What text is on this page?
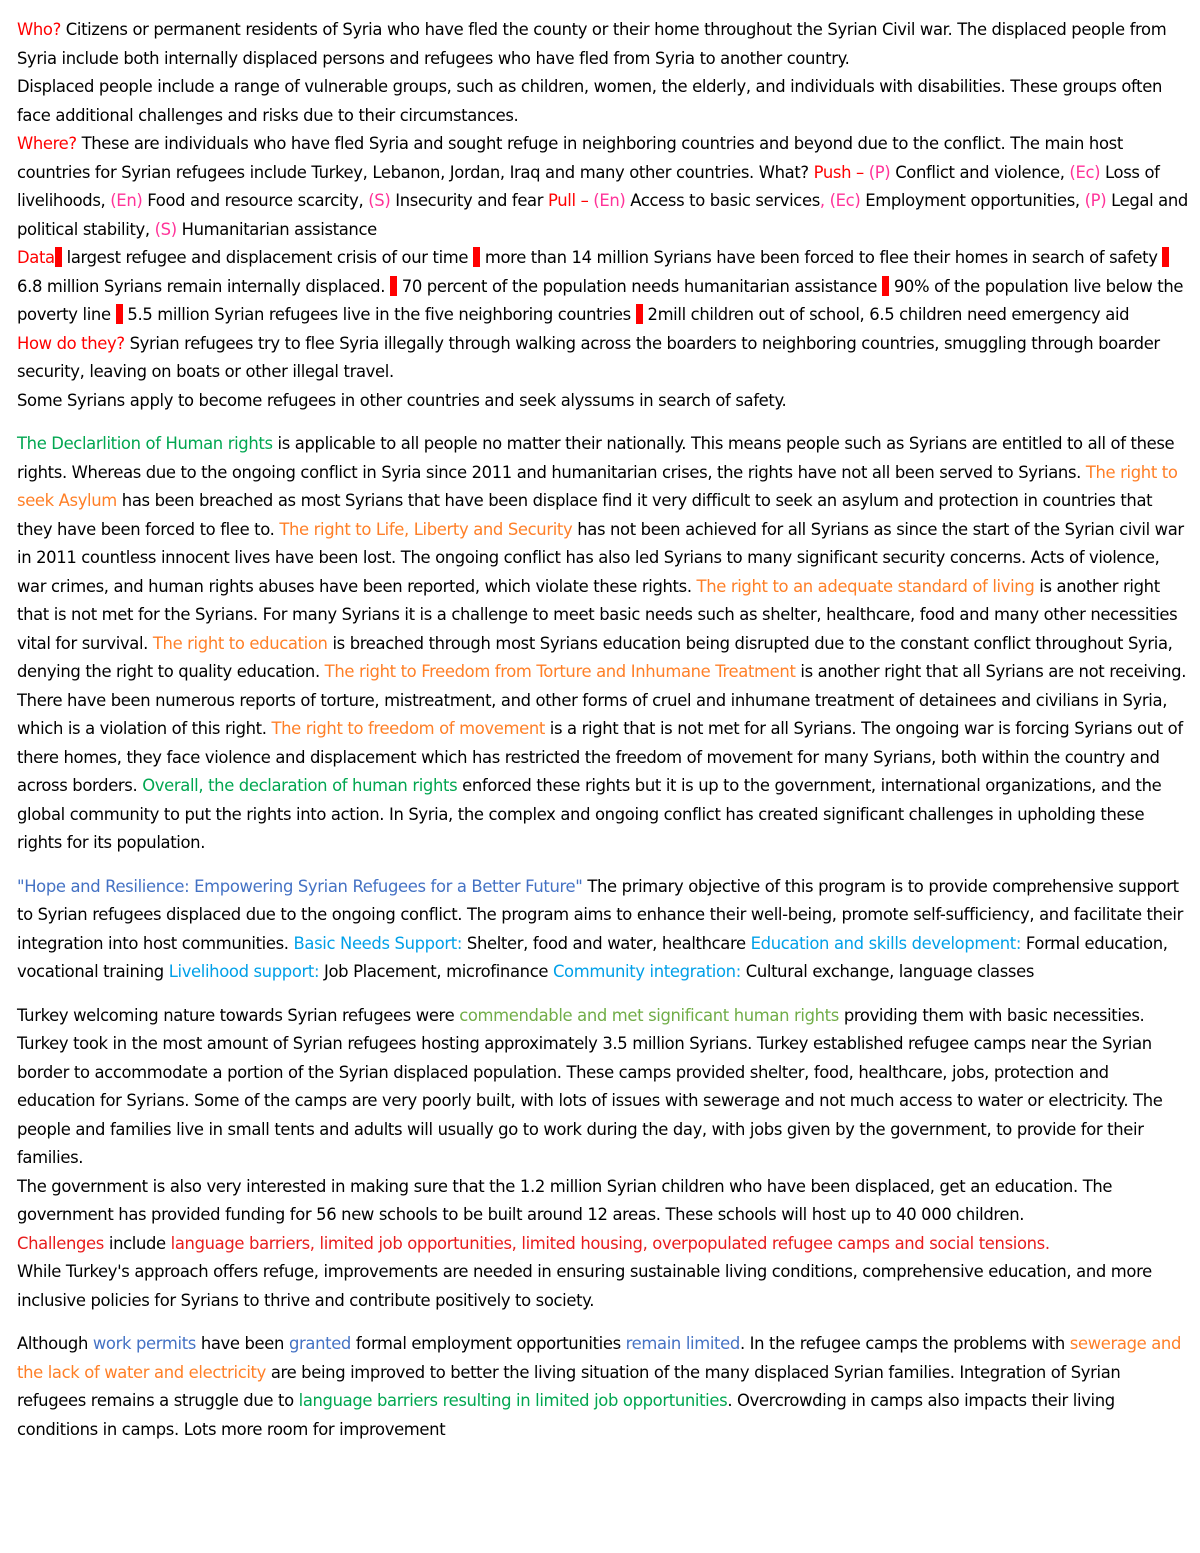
Who? Citizens or permanent residents of Syria who have fled the county or their home throughout the Syrian Civil war. The displaced people from Syria include both internally displaced persons and refugees who have fled from Syria to another country.

Displaced people include a range of vulnerable groups, such as children, women, the elderly, and individuals with disabilities. These groups often face additional challenges and risks due to their circumstances.

Where? These are individuals who have fled Syria and sought refuge in neighboring countries and beyond due to the conflict. The main host countries for Syrian refugees include Turkey, Lebanon, Jordan, Iraq and many other countries. What? Push – (P) Conflict and violence, (Ec) Loss of livelihoods, (En) Food and resource scarcity, (S) Insecurity and fear Pull – (En) Access to basic services, (Ec) Employment opportunities, (P) Legal and political stability, (S) Humanitarian assistance

Data largest refugee and displacement crisis of our time  more than 14 million Syrians have been forced to flee their homes in search of safety  6.8 million Syrians remain internally displaced.  70 percent of the population needs humanitarian assistance  90% of the population live below the poverty line  5.5 million Syrian refugees live in the five neighboring countries  2mill children out of school, 6.5 children need emergency aid

How do they? Syrian refugees try to flee Syria illegally through walking across the boarders to neighboring countries, smuggling through boarder security, leaving on boats or other illegal travel.

Some Syrians apply to become refugees in other countries and seek alyssums in search of safety.

The Declarlition of Human rights is applicable to all people no matter their nationally. This means people such as Syrians are entitled to all of these rights. Whereas due to the ongoing conflict in Syria since 2011 and humanitarian crises, the rights have not all been served to Syrians. The right to seek Asylum has been breached as most Syrians that have been displace find it very difficult to seek an asylum and protection in countries that they have been forced to flee to. The right to Life, Liberty and Security has not been achieved for all Syrians as since the start of the Syrian civil war in 2011 countless innocent lives have been lost. The ongoing conflict has also led Syrians to many significant security concerns. Acts of violence, war crimes, and human rights abuses have been reported, which violate these rights. The right to an adequate standard of living is another right that is not met for the Syrians. For many Syrians it is a challenge to meet basic needs such as shelter, healthcare, food and many other necessities vital for survival. The right to education is breached through most Syrians education being disrupted due to the constant conflict throughout Syria, denying the right to quality education. The right to Freedom from Torture and Inhumane Treatment is another right that all Syrians are not receiving. There have been numerous reports of torture, mistreatment, and other forms of cruel and inhumane treatment of detainees and civilians in Syria, which is a violation of this right. The right to freedom of movement is a right that is not met for all Syrians. The ongoing war is forcing Syrians out of there homes, they face violence and displacement which has restricted the freedom of movement for many Syrians, both within the country and across borders. Overall, the declaration of human rights enforced these rights but it is up to the government, international organizations, and the global community to put the rights into action. In Syria, the complex and ongoing conflict has created significant challenges in upholding these rights for its population.

"Hope and Resilience: Empowering Syrian Refugees for a Better Future" The primary objective of this program is to provide comprehensive support to Syrian refugees displaced due to the ongoing conflict. The program aims to enhance their well-being, promote self-sufficiency, and facilitate their integration into host communities. Basic Needs Support: Shelter, food and water, healthcare Education and skills development: Formal education, vocational training Livelihood support: Job Placement, microfinance Community integration: Cultural exchange, language classes

Turkey welcoming nature towards Syrian refugees were commendable and met significant human rights providing them with basic necessities. Turkey took in the most amount of Syrian refugees hosting approximately 3.5 million Syrians. Turkey established refugee camps near the Syrian border to accommodate a portion of the Syrian displaced population. These camps provided shelter, food, healthcare, jobs, protection and education for Syrians. Some of the camps are very poorly built, with lots of issues with sewerage and not much access to water or electricity. The people and families live in small tents and adults will usually go to work during the day, with jobs given by the government, to provide for their families.

The government is also very interested in making sure that the 1.2 million Syrian children who have been displaced, get an education. The government has provided funding for 56 new schools to be built around 12 areas. These schools will host up to 40 000 children.

Challenges include language barriers, limited job opportunities, limited housing, overpopulated refugee camps and social tensions.

While Turkey's approach offers refuge, improvements are needed in ensuring sustainable living conditions, comprehensive education, and more inclusive policies for Syrians to thrive and contribute positively to society.

Although work permits have been granted formal employment opportunities remain limited. In the refugee camps the problems with sewerage and the lack of water and electricity are being improved to better the living situation of the many displaced Syrian families. Integration of Syrian refugees remains a struggle due to language barriers resulting in limited job opportunities. Overcrowding in camps also impacts their living conditions in camps. Lots more room for improvement
